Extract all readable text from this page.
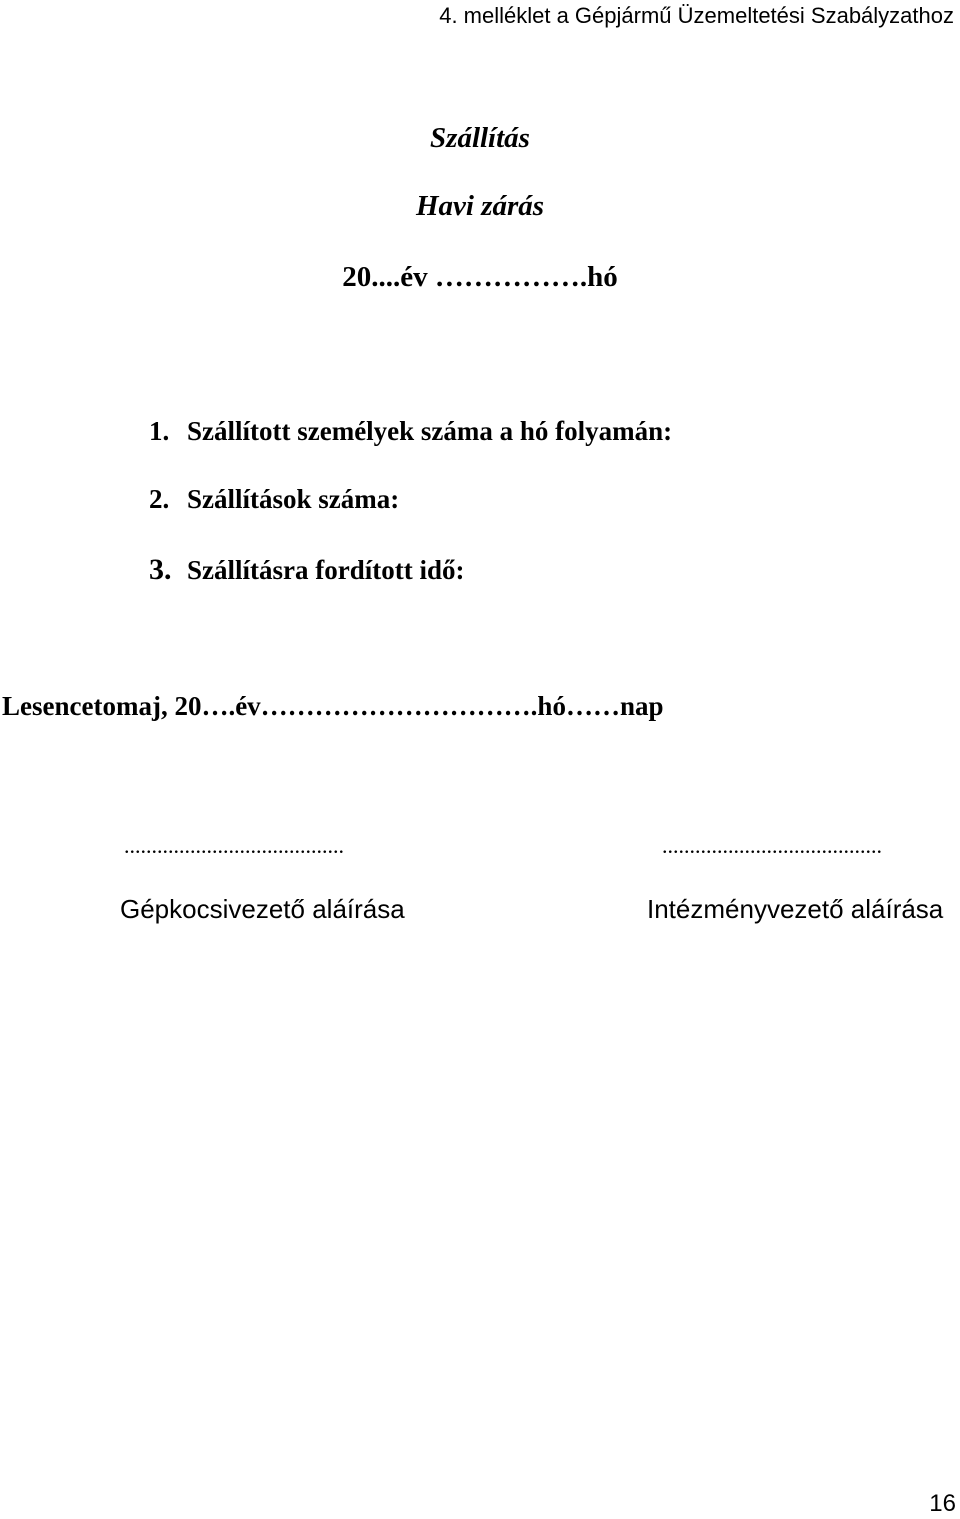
4. melléklet a Gépjármű Üzemeltetési Szabályzathoz
Szállítás
Havi zárás
20....év …………….hó
1. Szállított személyek száma a hó folyamán:
2. Szállítások száma:
3. Szállításra fordított idő:
Lesencetomaj, 20….év………………………….hó……nap
........................................	........................................
Gépkocsivezető aláírása	Intézményvezető aláírása
16
